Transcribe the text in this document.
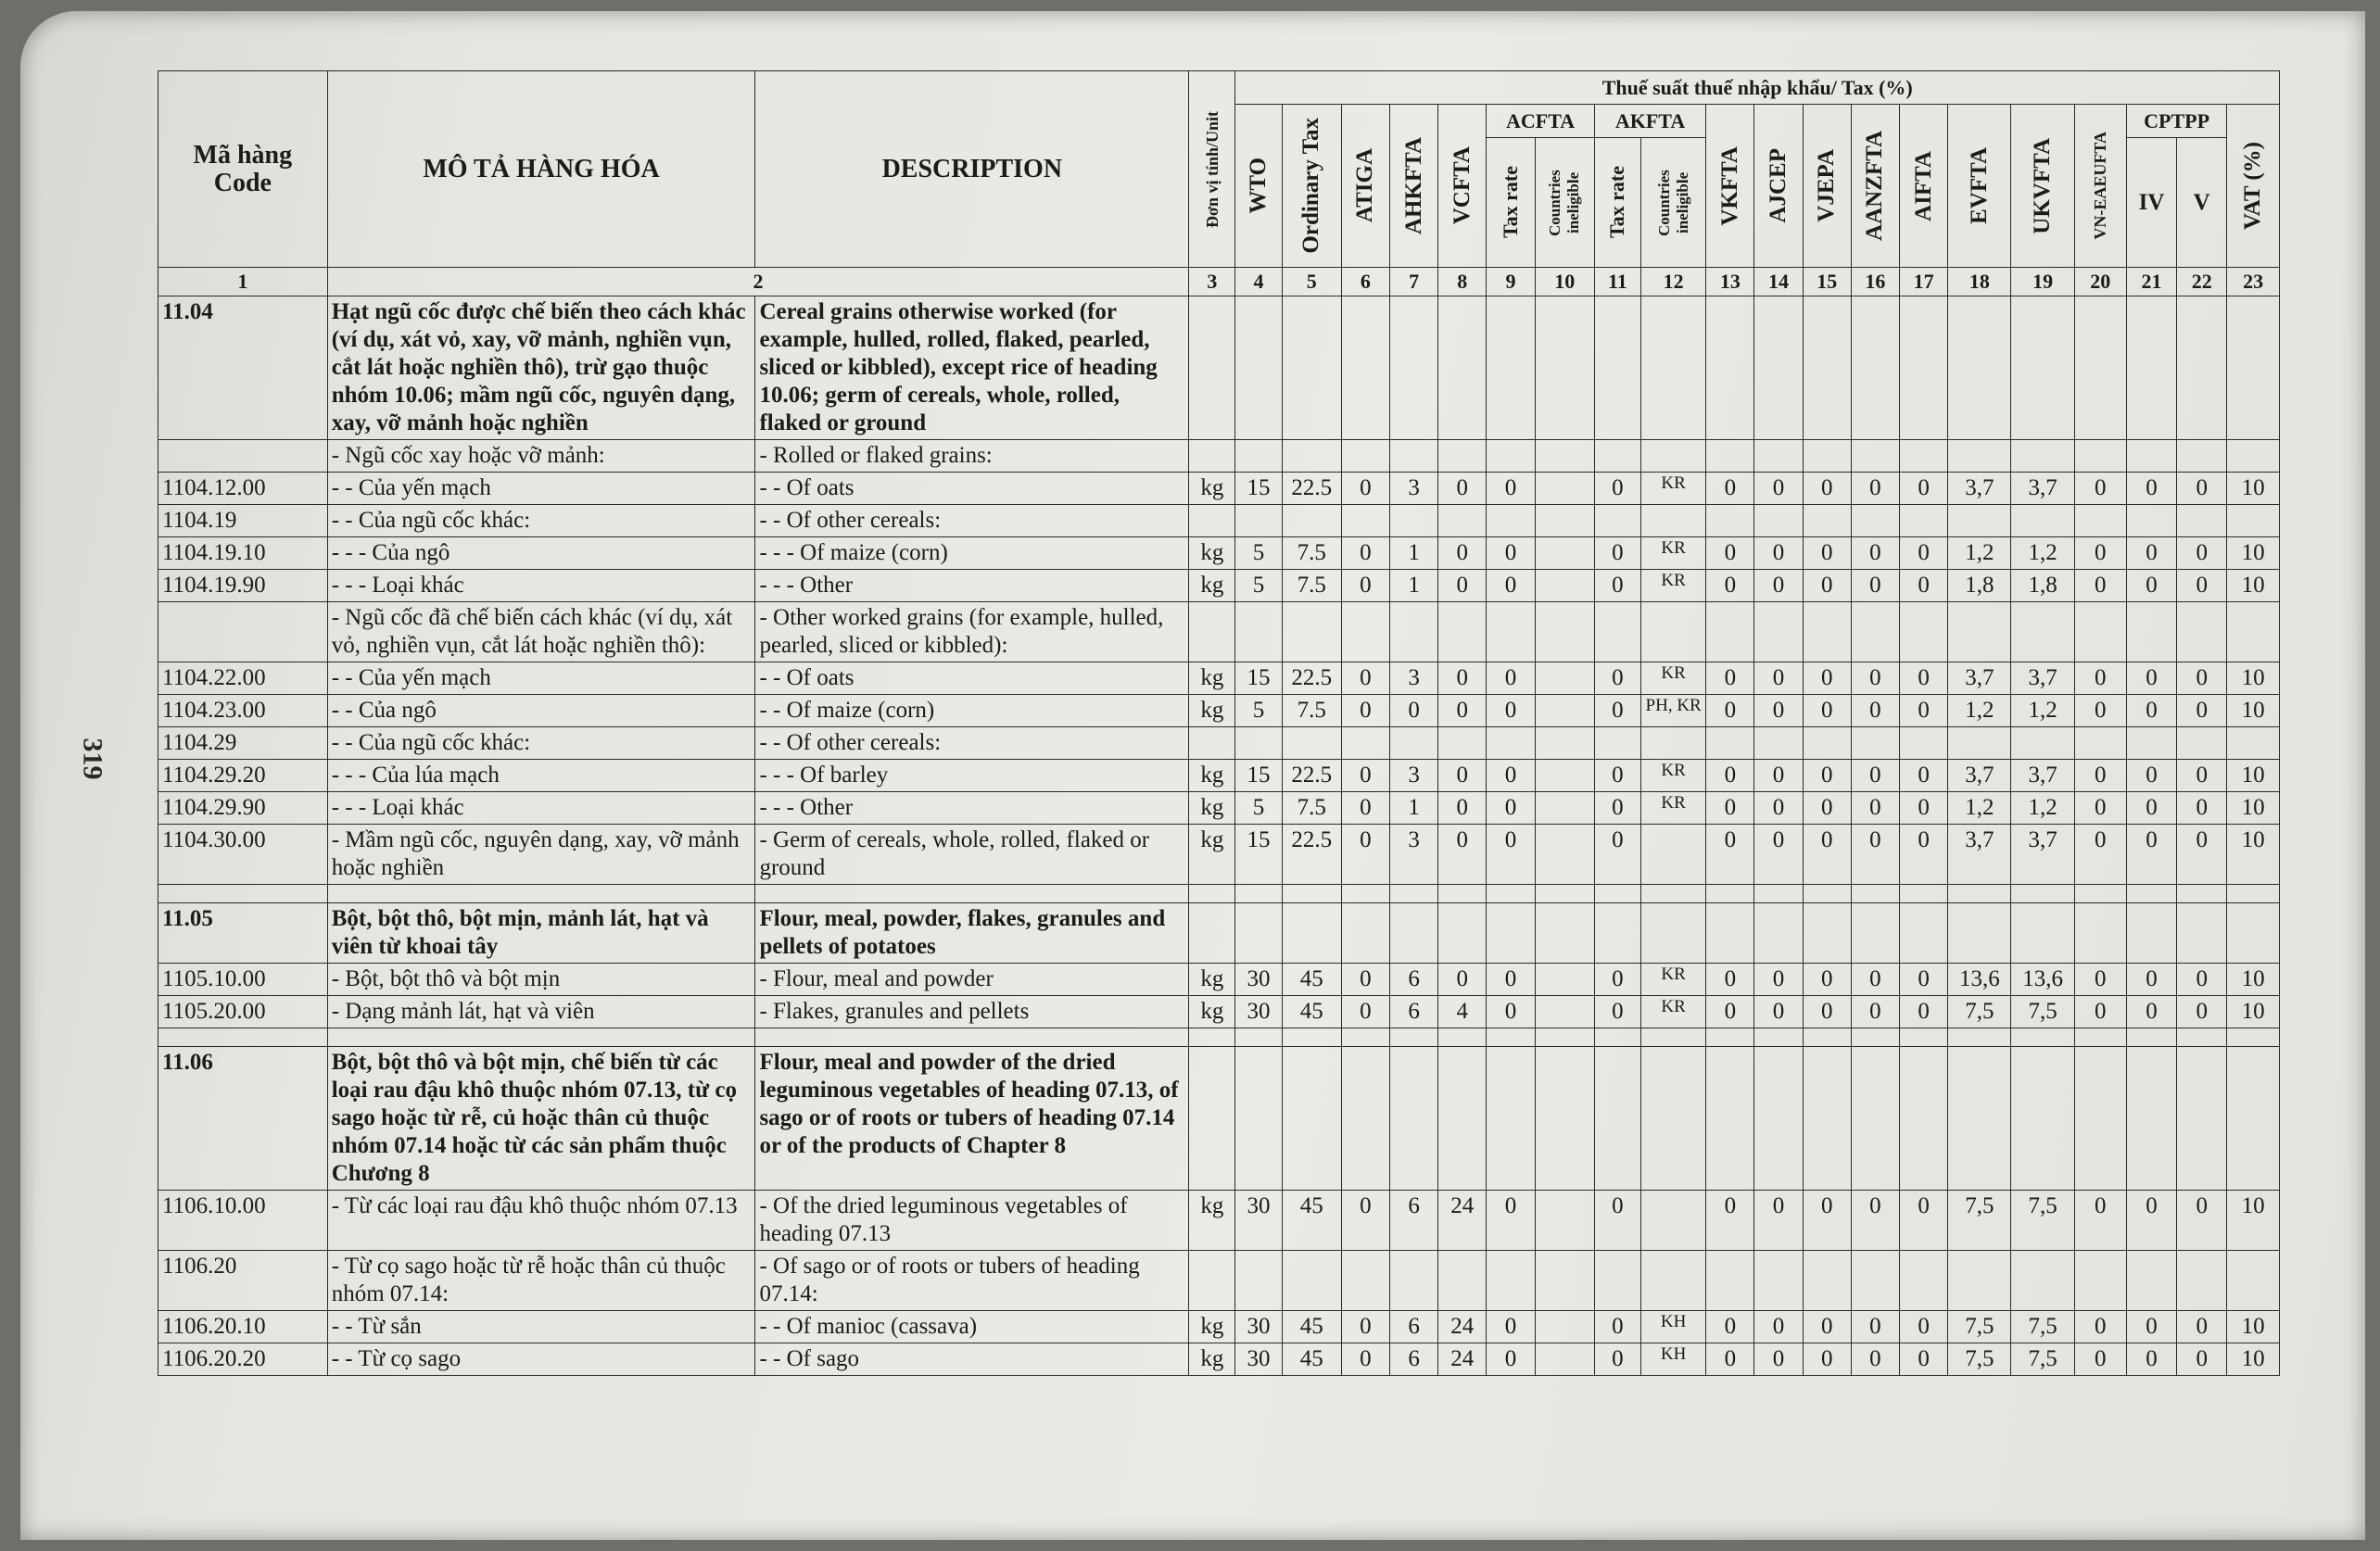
319
Mã hàng
Code	MÔ TẢ HÀNG HÓA	DESCRIPTION	Đơn vị tính/Unit	Thuế suất thuế nhập khẩu/ Tax (%)																			

				WTO	Ordinary Tax	ATIGA	AHKFTA	VCFTA	ACFTA		AKFTA		VKFTA	AJCEP	VJEPA	AANZFTA	AIFTA	EVFTA	UKVFTA	VN-EAEUFTA	CPTPP		VAT (%)

									Tax rate	Countries ineligible	Tax rate	Countries ineligible									IV	V	
1	2		3	4	5	6	7	8	9	10	11	12	13	14	15	16	17	18	19	20	21	22	23
11.04	Hạt ngũ cốc được chế biến theo cách khác (ví dụ, xát vỏ, xay, vỡ mảnh, nghiền vụn, cắt lát hoặc nghiền thô), trừ gạo thuộc nhóm 10.06; mầm ngũ cốc, nguyên dạng, xay, vỡ mảnh hoặc nghiền	Cereal grains otherwise worked (for example, hulled, rolled, flaked, pearled, sliced or kibbled), except rice of heading 10.06; germ of cereals, whole, rolled, flaked or ground																					
	- Ngũ cốc xay hoặc vỡ mảnh:	- Rolled or flaked grains:																					
1104.12.00	- - Của yến mạch	- - Of oats	kg	15	22.5	0	3	0	0		0	KR	0	0	0	0	0	3,7	3,7	0	0	0	10
1104.19	- - Của ngũ cốc khác:	- - Of other cereals:																					
1104.19.10	- - - Của ngô	- - - Of maize (corn)	kg	5	7.5	0	1	0	0		0	KR	0	0	0	0	0	1,2	1,2	0	0	0	10
1104.19.90	- - - Loại khác	- - - Other	kg	5	7.5	0	1	0	0		0	KR	0	0	0	0	0	1,8	1,8	0	0	0	10
	- Ngũ cốc đã chế biến cách khác (ví dụ, xát vỏ, nghiền vụn, cắt lát hoặc nghiền thô):	- Other worked grains (for example, hulled, pearled, sliced or kibbled):																					
1104.22.00	- - Của yến mạch	- - Of oats	kg	15	22.5	0	3	0	0		0	KR	0	0	0	0	0	3,7	3,7	0	0	0	10
1104.23.00	- - Của ngô	- - Of maize (corn)	kg	5	7.5	0	0	0	0		0	PH, KR	0	0	0	0	0	1,2	1,2	0	0	0	10
1104.29	- - Của ngũ cốc khác:	- - Of other cereals:																					
1104.29.20	- - - Của lúa mạch	- - - Of barley	kg	15	22.5	0	3	0	0		0	KR	0	0	0	0	0	3,7	3,7	0	0	0	10
1104.29.90	- - - Loại khác	- - - Other	kg	5	7.5	0	1	0	0		0	KR	0	0	0	0	0	1,2	1,2	0	0	0	10
1104.30.00	- Mầm ngũ cốc, nguyên dạng, xay, vỡ mảnh hoặc nghiền	- Germ of cereals, whole, rolled, flaked or ground	kg	15	22.5	0	3	0	0		0		0	0	0	0	0	3,7	3,7	0	0	0	10

11.05	Bột, bột thô, bột mịn, mảnh lát, hạt và viên từ khoai tây	Flour, meal, powder, flakes, granules and pellets of potatoes																					
1105.10.00	- Bột, bột thô và bột mịn	- Flour, meal and powder	kg	30	45	0	6	0	0		0	KR	0	0	0	0	0	13,6	13,6	0	0	0	10
1105.20.00	- Dạng mảnh lát, hạt và viên	- Flakes, granules and pellets	kg	30	45	0	6	4	0		0	KR	0	0	0	0	0	7,5	7,5	0	0	0	10

11.06	Bột, bột thô và bột mịn, chế biến từ các loại rau đậu khô thuộc nhóm 07.13, từ cọ sago hoặc từ rễ, củ hoặc thân củ thuộc nhóm 07.14 hoặc từ các sản phẩm thuộc Chương 8	Flour, meal and powder of the dried leguminous vegetables of heading 07.13, of sago or of roots or tubers of heading 07.14 or of the products of Chapter 8																					
1106.10.00	- Từ các loại rau đậu khô thuộc nhóm 07.13	- Of the dried leguminous vegetables of heading 07.13	kg	30	45	0	6	24	0		0		0	0	0	0	0	7,5	7,5	0	0	0	10
1106.20	- Từ cọ sago hoặc từ rễ hoặc thân củ thuộc nhóm 07.14:	- Of sago or of roots or tubers of heading 07.14:																					
1106.20.10	- - Từ sắn	- - Of manioc (cassava)	kg	30	45	0	6	24	0		0	KH	0	0	0	0	0	7,5	7,5	0	0	0	10
1106.20.20	- - Từ cọ sago	- - Of sago	kg	30	45	0	6	24	0		0	KH	0	0	0	0	0	7,5	7,5	0	0	0	10
